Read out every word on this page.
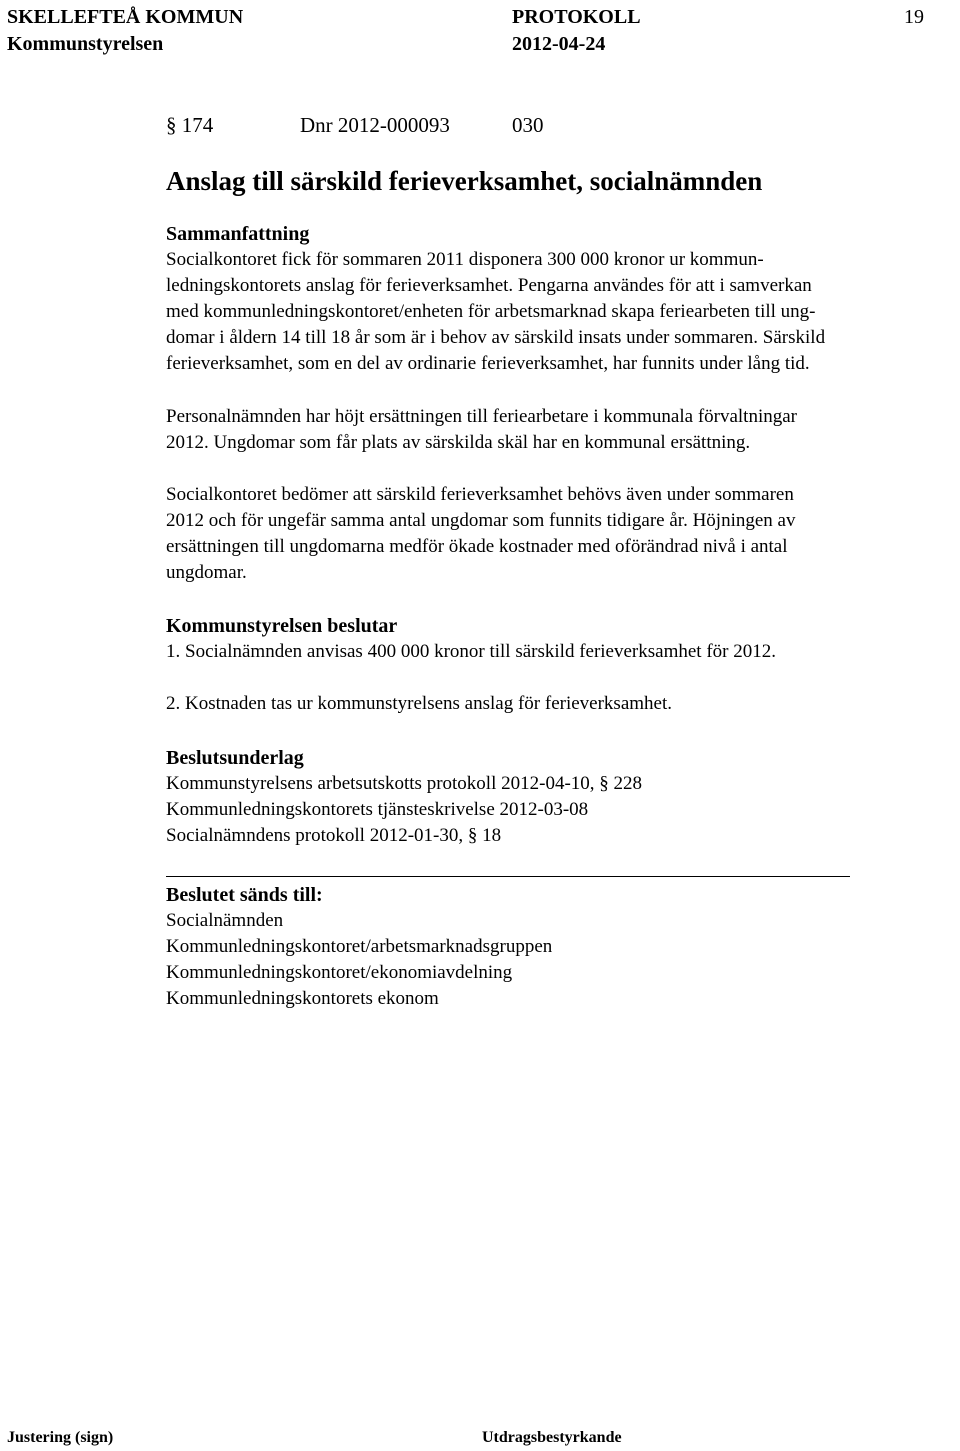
SKELLEFTEÅ KOMMUN
Kommunstyrelsen
PROTOKOLL
2012-04-24
19
§ 174	Dnr 2012-000093	030
Anslag till särskild ferieverksamhet, socialnämnden
Sammanfattning

Socialkontoret fick för sommaren 2011 disponera 300 000 kronor ur kommun-

ledningskontorets anslag för ferieverksamhet. Pengarna användes för att i samverkan

med kommunledningskontoret/enheten för arbetsmarknad skapa feriearbeten till ung-

domar i åldern 14 till 18 år som är i behov av särskild insats under sommaren. Särskild

ferieverksamhet, som en del av ordinarie ferieverksamhet, har funnits under lång tid.

Personalnämnden har höjt ersättningen till feriearbetare i kommunala förvaltningar

2012. Ungdomar som får plats av särskilda skäl har en kommunal ersättning.

Socialkontoret bedömer att särskild ferieverksamhet behövs även under sommaren

2012 och för ungefär samma antal ungdomar som funnits tidigare år. Höjningen av

ersättningen till ungdomarna medför ökade kostnader med oförändrad nivå i antal

ungdomar.

Kommunstyrelsen beslutar

1. Socialnämnden anvisas 400 000 kronor till särskild ferieverksamhet för 2012.

2. Kostnaden tas ur kommunstyrelsens anslag för ferieverksamhet.

Beslutsunderlag

Kommunstyrelsens arbetsutskotts protokoll 2012-04-10, § 228

Kommunledningskontorets tjänsteskrivelse 2012-03-08

Socialnämndens protokoll 2012-01-30, § 18

Beslutet sänds till:

Socialnämnden

Kommunledningskontoret/arbetsmarknadsgruppen

Kommunledningskontoret/ekonomiavdelning

Kommunledningskontorets ekonom

Justering (sign)	Utdragsbestyrkande
